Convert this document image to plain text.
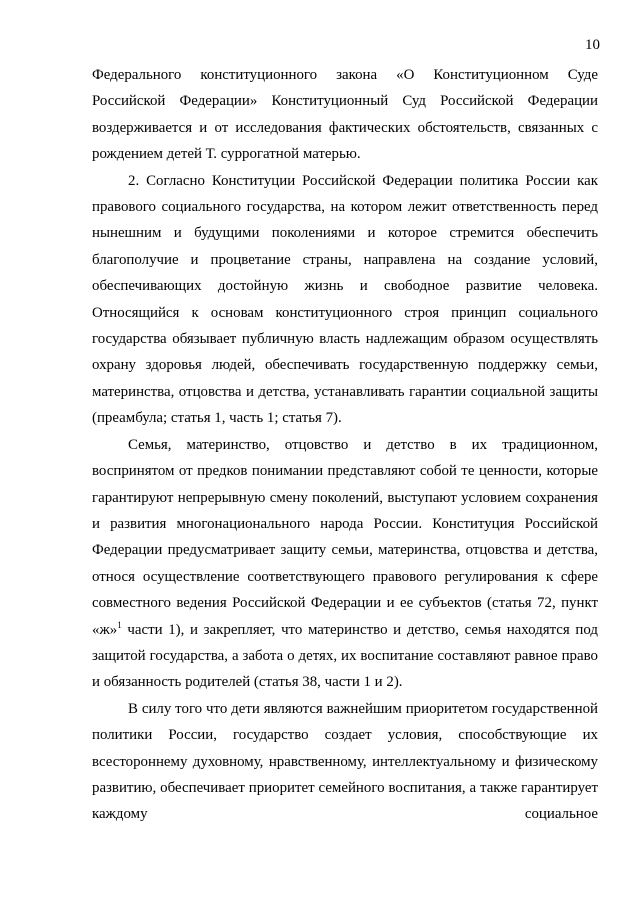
10

Федерального конституционного закона «О Конституционном Суде Российской Федерации» Конституционный Суд Российской Федерации воздерживается и от исследования фактических обстоятельств, связанных с рождением детей Т. суррогатной матерью.

2. Согласно Конституции Российской Федерации политика России как правового социального государства, на котором лежит ответственность перед нынешним и будущими поколениями и которое стремится обеспечить благополучие и процветание страны, направлена на создание условий, обеспечивающих достойную жизнь и свободное развитие человека. Относящийся к основам конституционного строя принцип социального государства обязывает публичную власть надлежащим образом осуществлять охрану здоровья людей, обеспечивать государственную поддержку семьи, материнства, отцовства и детства, устанавливать гарантии социальной защиты (преамбула; статья 1, часть 1; статья 7).

Семья, материнство, отцовство и детство в их традиционном, воспринятом от предков понимании представляют собой те ценности, которые гарантируют непрерывную смену поколений, выступают условием сохранения и развития многонационального народа России. Конституция Российской Федерации предусматривает защиту семьи, материнства, отцовства и детства, относя осуществление соответствующего правового регулирования к сфере совместного ведения Российской Федерации и ее субъектов (статья 72, пункт «ж»$^1$ части 1), и закрепляет, что материнство и детство, семья находятся под защитой государства, а забота о детях, их воспитание составляют равное право и обязанность родителей (статья 38, части 1 и 2).

В силу того что дети являются важнейшим приоритетом государственной политики России, государство создает условия, способствующие их всестороннему духовному, нравственному, интеллектуальному и физическому развитию, обеспечивает приоритет семейного воспитания, а также гарантирует каждому социальное
